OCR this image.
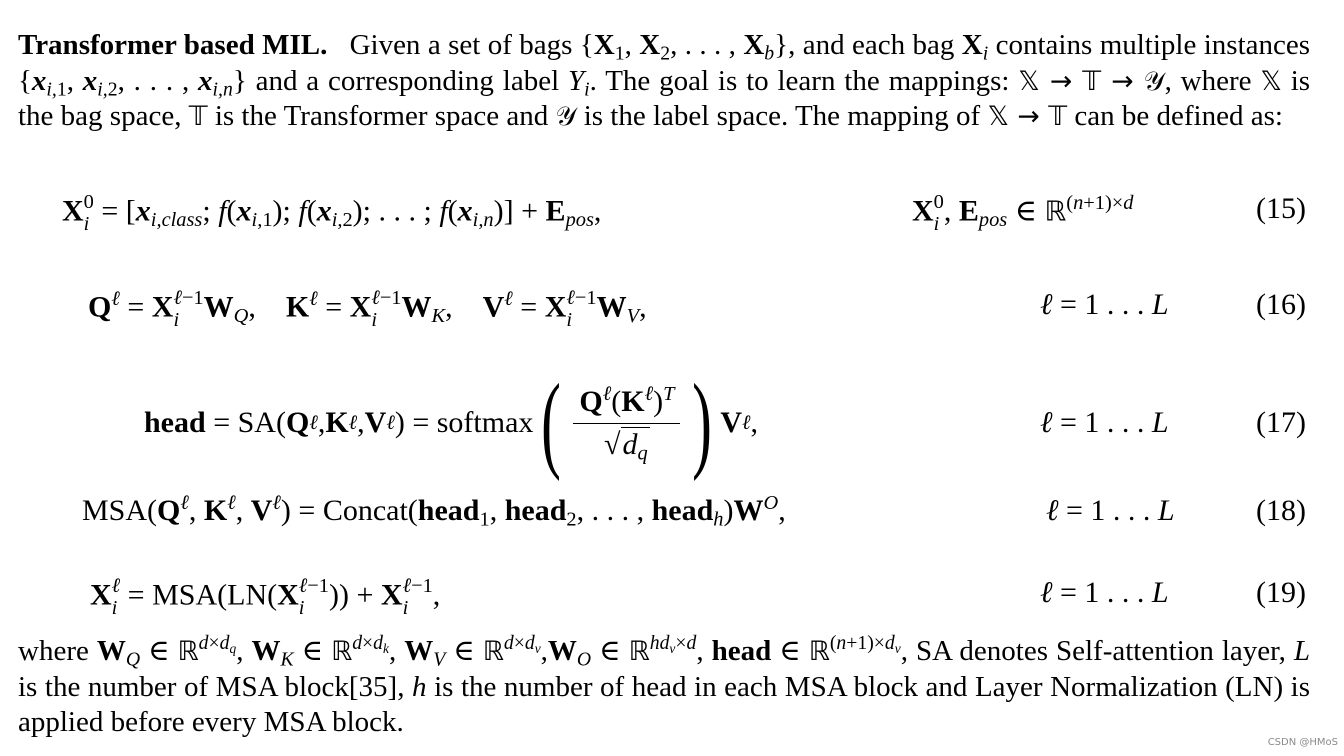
Transformer based MIL. Given a set of bags {$X_1$, $X_2$, . . . , $X_b$}, and each bag $X_i$ contains multiple instances {$x_{i,1}$, $x_{i,2}$, . . . , $x_{i,n}$} and a corresponding label $Y_i$. The goal is to learn the mappings: 𝕏 → 𝕋 → 𝒴, where 𝕏 is the bag space, 𝕋 is the Transformer space and 𝒴 is the label space. The mapping of 𝕏 → 𝕋 can be defined as:
X 0
$i = [x_{i,class}$; $f(x_{i,1})$; $f(x_{i,2})$; . . . ; $f(x_{i,n})] + E_{pos}$,	X 0
i , $E_{pos}$ ∈ ℝ$^{(n+1)\times d}$	(15)
$Q^\ell = X$ ℓ−1
i $W_Q$,    $K^\ell = X$ ℓ−1
i $W_K$,    $V^\ell = X$ ℓ−1
i $W_V$,	ℓ = 1 . . . L	(16)
head = SA ( Q ℓ , K ℓ , V ℓ ) = softmax ( $\frac{Q^\ell(K^\ell)^T}{√d_q}$ ) V ℓ ,	ℓ = 1 . . . L	(17)
$MSA(Q^\ell$, $K^\ell$, $V^\ell$) = Concat(head$_1$, head$_2$, . . . , $head_h)W^O$,	ℓ = 1 . . . L	(18)
X ℓ
i = MSA(LN(X ℓ−1
i )) + X ℓ−1
i ,	ℓ = 1 . . . L	(19)
where $W_Q$ ∈ ℝ$^{d\times d_q}$, $W_K$ ∈ ℝ$^{d\times d_k}$, $W_V$ ∈ $ℝ^{d\times d_v},W_O$ ∈ ℝ$^{hd_v\times d}$, head ∈ ℝ$^{(n+1)\times d_v}$, SA denotes Self-attention layer, L is the number of MSA block[35], h is the number of head in each MSA block and Layer Normalization (LN) is applied before every MSA block.
CSDN @HMoS
